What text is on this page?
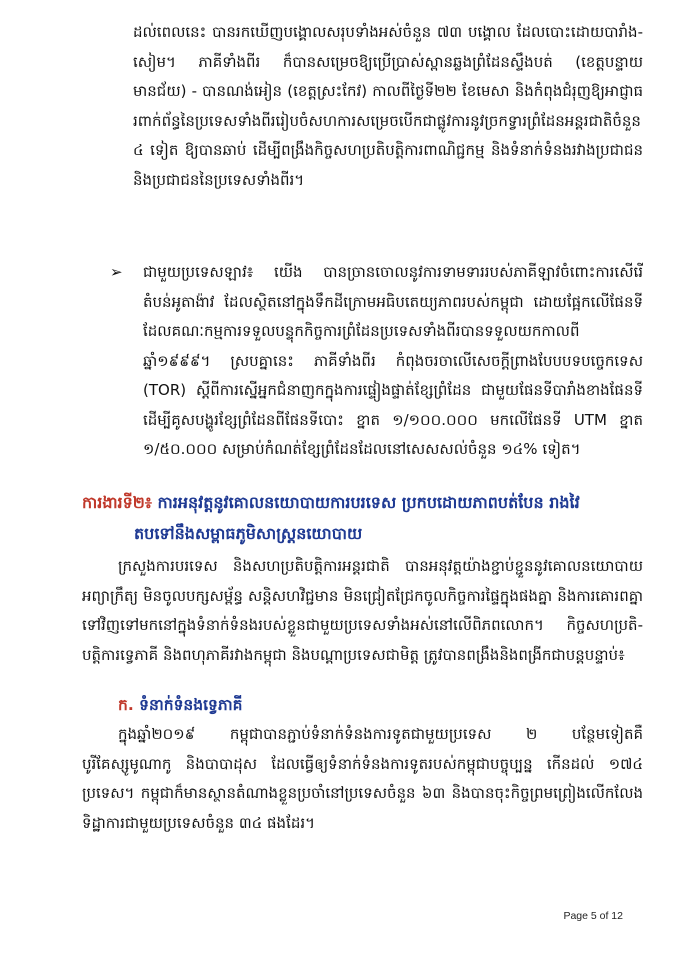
ដល់ពេលនេះ បានរកឃើញបង្គោលសរុបទាំងអស់ចំនួន ៧៣ បង្គោល ដែលបោះដោយបារាំង-សៀម។ ភាគីទាំងពីរ ក៏បានសម្រេចឱ្យប្រើប្រាស់ស្ពានឆ្លងព្រំដែនស្ទឹងបត់ (ខេត្តបន្ទាយមានជ័យ) - បានណង់អៀន (ខេត្តស្រះកែវ) កាលពីថ្ងៃទី២២ ខែមេសា និងកំពុងជំរុញឱ្យអាជ្ញាធរពាក់ព័ន្ធនៃប្រទេសទាំងពីររៀបចំសហការសម្រេចបើកជាផ្លូវការនូវច្រកទ្វារព្រំដែនអន្តរជាតិចំនួន ៤ ទៀត ឱ្យបានឆាប់ ដើម្បីពង្រឹងកិច្ចសហប្រតិបត្តិការពាណិជ្ជកម្ម និងទំនាក់ទំនងរវាងប្រជាជននិងប្រជាជននៃប្រទេសទាំងពីរ។

➢ ជាមួយប្រទេសឡាវ៖ យើង បានច្រានចោលនូវការទាមទាររបស់ភាគីឡាវចំពោះការសើរើតំបន់អូតាង៉ាវ ដែលស្ថិតនៅក្នុងទឹកដីក្រោមអធិបតេយ្យភាពរបស់កម្ពុជា ដោយផ្អែកលើផែនទីដែលគណៈកម្មការទទួលបន្ទុកកិច្ចការព្រំដែនប្រទេសទាំងពីរបានទទួលយកកាលពីឆ្នាំ១៩៩៩។ ស្របគ្នានេះ ភាគីទាំងពីរ កំពុងចរចាលើសេចក្តីព្រាងបែបបទបច្ចេកទេស (TOR) ស្តីពីការស្នើអ្នកជំនាញ​ក​ក្នុងការ​ផ្ទៀងផ្ទាត់​ខ្សែព្រំដែន​ ជាមួយផែនទីបារាំងខាងផែនទី ដើម្បីគូសបង្ហូរខ្សែព្រំដែនពីផែនទីបោះ ខ្នាត ១/១០០.០០០ មកលើផែនទី UTM ខ្នាត ១/៥០.០០០ សម្រាប់កំណត់ខ្សែព្រំដែនដែលនៅសេសសល់ចំនួន ១៤% ទៀត។

ការងារទី២៖ ការអនុវត្តនូវគោលនយោបាយការបរទេស ប្រកបដោយភាពបត់បែន រាងវៃ
តបទៅនឹងសម្ពាធភូមិសាស្ត្រនយោបាយ

ក្រសួងការបរទេស និងសហប្រតិបត្តិការអន្តរជាតិ បានអនុវត្តយ៉ាងខ្ជាប់ខ្ជួននូវគោលនយោបាយអព្យាក្រឹត្យ មិនចូលបក្សសម្ព័ន្ធ សន្តិសហវិជ្ជមាន មិនជ្រៀតជ្រែកចូលកិច្ចការផ្ទៃក្នុងផងគ្នា និងការគោរពគ្នាទៅវិញទៅមកនៅក្នុងទំនាក់ទំនងរបស់ខ្លួនជាមួយប្រទេសទាំងអស់នៅលើពិភពលោក។ កិច្ចសហប្រតិ- បត្តិការទ្វេភាគី និងពហុភាគីរវាងកម្ពុជា និងបណ្តាប្រទេសជាមិត្ត ត្រូវបានពង្រឹងនិងពង្រីកជាបន្តបន្ទាប់៖

ក. ទំនាក់ទំនងទ្វេភាគី

ក្នុងឆ្នាំ២០១៩ កម្ពុជាបានភ្ជាប់ទំនាក់ទំនងការទូតជាមួយប្រទេស ២ បន្ថែមទៀតគឺ បូរីគែស្សូមូណាកូ និងបាបាដុស ដែលធ្វើឲ្យទំនាក់ទំនងការទូតរបស់កម្ពុជាបច្ចុប្បន្ន កើនដល់ ១៧៤ ប្រទេស។ កម្ពុជាក៏មានស្ថានតំណាងខ្លួនប្រចាំនៅប្រទេសចំនួន ៦៣ និងបានចុះកិច្ចព្រមព្រៀងលើកលែងទិដ្ឋាការជាមួយប្រទេសចំនួន ៣៤ ផងដែរ។

Page 5 of 12
